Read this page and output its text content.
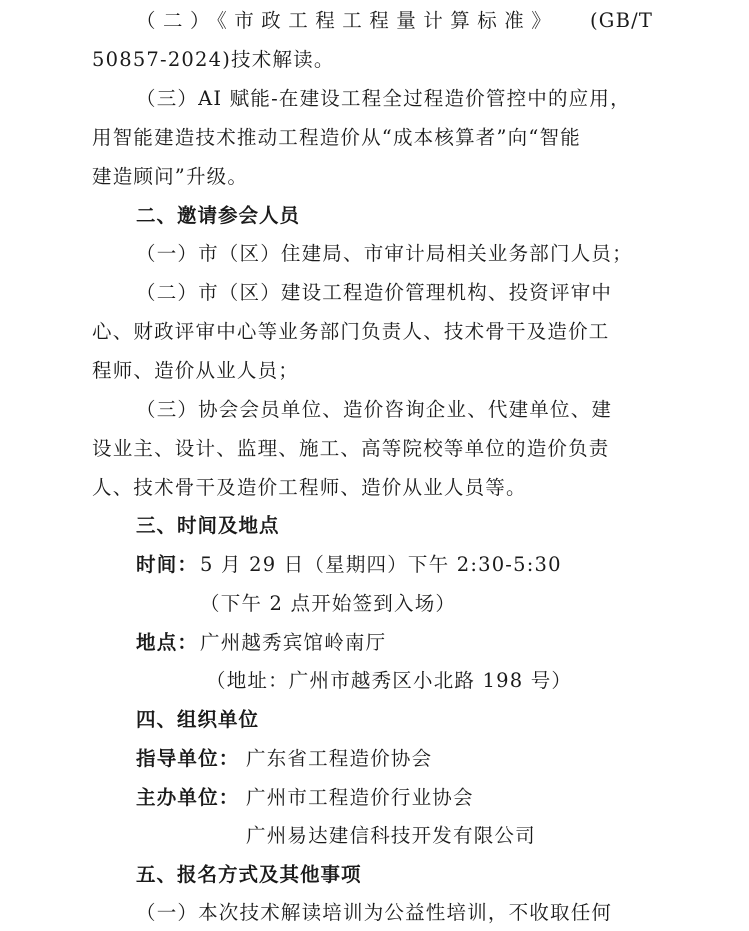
（二）《市政工程工程量计算标准》 (GB/T
50857-2024)技术解读。
（三）AI 赋能-在建设工程全过程造价管控中的应用，
用智能建造技术推动工程造价从“成本核算者”向“智能
建造顾问”升级。
二、邀请参会人员
（一）市（区）住建局、市审计局相关业务部门人员；
（二）市（区）建设工程造价管理机构、投资评审中
心、财政评审中心等业务部门负责人、技术骨干及造价工
程师、造价从业人员；
（三）协会会员单位、造价咨询企业、代建单位、建
设业主、设计、监理、施工、高等院校等单位的造价负责
人、技术骨干及造价工程师、造价从业人员等。
三、时间及地点
时间： 5 月 29 日（星期四）下午 2:30-5:30
（下午 2 点开始签到入场）
地点： 广州越秀宾馆岭南厅
（地址：广州市越秀区小北路 198 号）
四、组织单位
指导单位： 广东省工程造价协会
主办单位： 广州市工程造价行业协会
广州易达建信科技开发有限公司
五、报名方式及其他事项
（一）本次技术解读培训为公益性培训，不收取任何
